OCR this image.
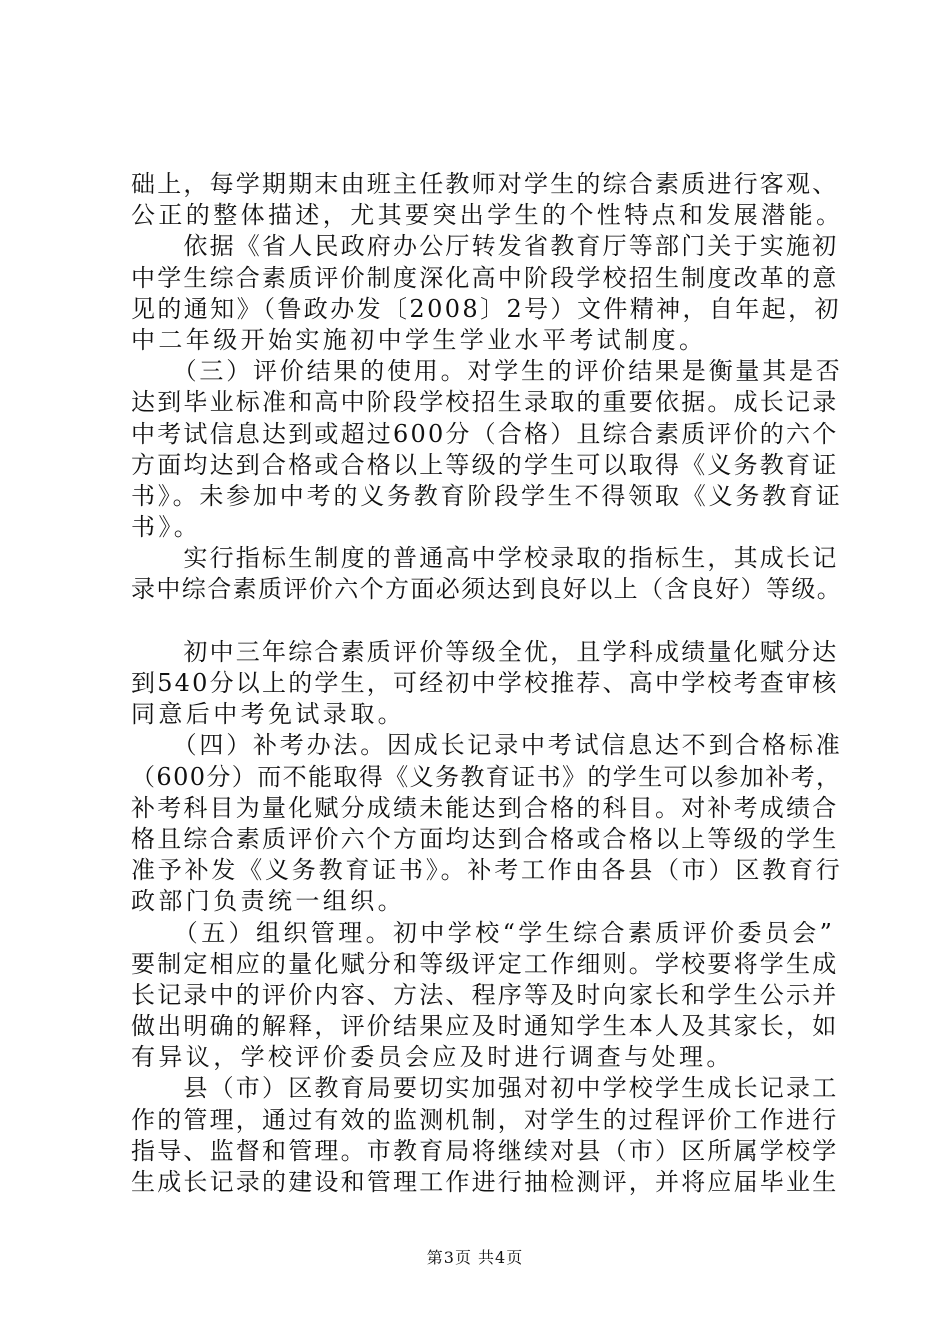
础上，每学期期末由班主任教师对学生的综合素质进行客观、
公正的整体描述，尤其要突出学生的个性特点和发展潜能。
　　依据《省人民政府办公厅转发省教育厅等部门关于实施初
中学生综合素质评价制度深化高中阶段学校招生制度改革的意
见的通知》（鲁政办发〔2008〕2号）文件精神，自年起，初
中二年级开始实施初中学生学业水平考试制度。
　　（三）评价结果的使用。对学生的评价结果是衡量其是否
达到毕业标准和高中阶段学校招生录取的重要依据。成长记录
中考试信息达到或超过600分（合格）且综合素质评价的六个
方面均达到合格或合格以上等级的学生可以取得《义务教育证
书》。未参加中考的义务教育阶段学生不得领取《义务教育证
书》。
　　实行指标生制度的普通高中学校录取的指标生，其成长记
录中综合素质评价六个方面必须达到良好以上（含良好）等级。
　　初中三年综合素质评价等级全优，且学科成绩量化赋分达
到540分以上的学生，可经初中学校推荐、高中学校考查审核
同意后中考免试录取。
　　（四）补考办法。因成长记录中考试信息达不到合格标准
（600分）而不能取得《义务教育证书》的学生可以参加补考，
补考科目为量化赋分成绩未能达到合格的科目。对补考成绩合
格且综合素质评价六个方面均达到合格或合格以上等级的学生
准予补发《义务教育证书》。补考工作由各县（市）区教育行
政部门负责统一组织。
　　（五）组织管理。初中学校“学生综合素质评价委员会”
要制定相应的量化赋分和等级评定工作细则。学校要将学生成
长记录中的评价内容、方法、程序等及时向家长和学生公示并
做出明确的解释，评价结果应及时通知学生本人及其家长，如
有异议，学校评价委员会应及时进行调查与处理。
　　县（市）区教育局要切实加强对初中学校学生成长记录工
作的管理，通过有效的监测机制，对学生的过程评价工作进行
指导、监督和管理。市教育局将继续对县（市）区所属学校学
生成长记录的建设和管理工作进行抽检测评，并将应届毕业生
第3页 共4页
